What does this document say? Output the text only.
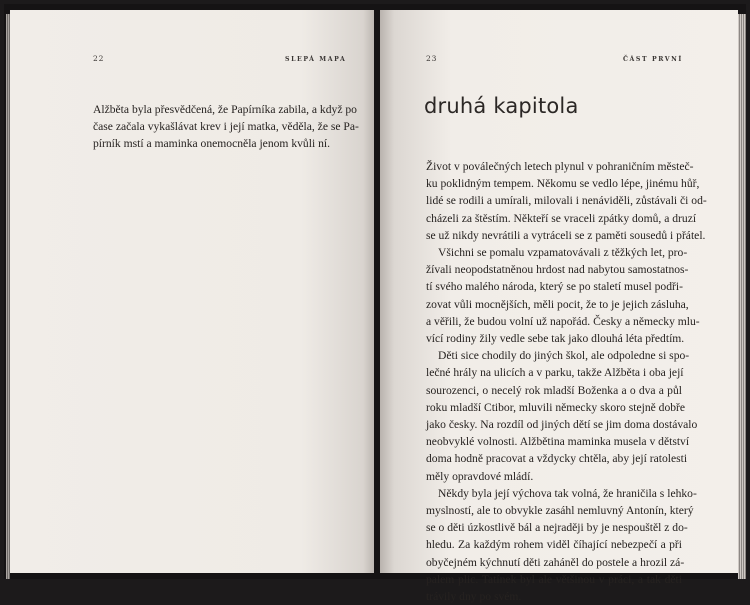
22	SLEPÁ MAPA
Alžběta byla přesvědčená, že Papírníka zabila, a když po
čase začala vykašlávat krev i její matka, věděla, že se Pa-
pírník mstí a maminka onemocněla jenom kvůli ní.
23	ČÁST PRVNÍ
druhá kapitola
Život v poválečných letech plynul v pohraničním městeč-
ku poklidným tempem. Někomu se vedlo lépe, jinému hůř,
lidé se rodili a umírali, milovali i nenáviděli, zůstávali či od-
cházeli za štěstím. Někteří se vraceli zpátky domů, a druzí
se už nikdy nevrátili a vytráceli se z paměti sousedů i přátel.
Všichni se pomalu vzpamatovávali z těžkých let, pro-
žívali neopodstatněnou hrdost nad nabytou samostatnos-
tí svého malého národa, který se po staletí musel podři-
zovat vůli mocnějších, měli pocit, že to je jejich zásluha,
a věřili, že budou volní už napořád. Česky a německy mlu-
vící rodiny žily vedle sebe tak jako dlouhá léta předtím.
Děti sice chodily do jiných škol, ale odpoledne si spo-
lečné hrály na ulicích a v parku, takže Alžběta i oba její
sourozenci, o necelý rok mladší Boženka a o dva a půl
roku mladší Ctibor, mluvili německy skoro stejně dobře
jako česky. Na rozdíl od jiných dětí se jim doma dostávalo
neobvyklé volnosti. Alžbětina maminka musela v dětství
doma hodně pracovat a vždycky chtěla, aby její ratolesti
měly opravdové mládí.
Někdy byla její výchova tak volná, že hraničila s lehko-
myslností, ale to obvykle zasáhl nemluvný Antonín, který
se o děti úzkostlivě bál a nejraději by je nespouštěl z do-
hledu. Za každým rohem viděl číhající nebezpečí a při
obyčejném kýchnutí děti zaháněl do postele a hrozil zá-
palem plic. Tatínek byl ale většinou v práci, a tak děti
trávily dny po svém.
